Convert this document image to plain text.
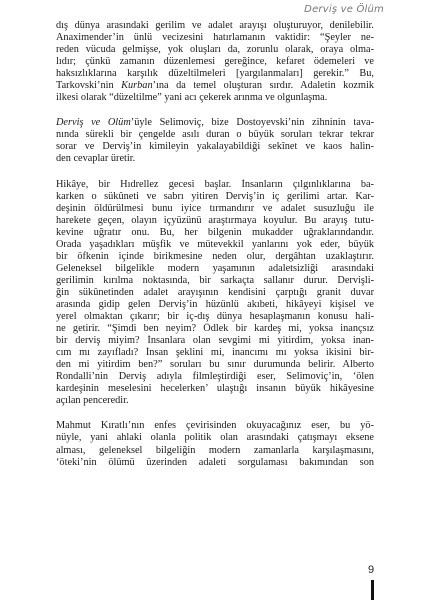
Derviş ve Ölüm

dış dünya arasındaki gerilim ve adalet arayışı oluşturuyor, denilebilir.
Anaximender’in ünlü vecizesini hatırlamanın vaktidir: “Şeyler ne-
reden vücuda gelmişse, yok oluşları da, zorunlu olarak, oraya olma-
lıdır; çünkü zamanın düzenlemesi gereğince, kefaret ödemeleri ve
haksızlıklarına karşılık düzeltilmeleri [yargılanmaları] gerekir.” Bu,
Tarkovski’nin Kurban’ına da temel oluşturan sırdır. Adaletin kozmik
ilkesi olarak “düzeltilme” yani acı çekerek arınma ve olgunlaşma.

Derviş ve Ölüm’üyle Selimoviç, bize Dostoyevski’nin zihninin tava-
nında sürekli bir çengelde asılı duran o büyük soruları tekrar tekrar
sorar ve Derviş’in kimileyin yakalayabildiği sekînet ve kaos halin-
den cevaplar üretir.

Hikâye, bir Hıdrellez gecesi başlar. İnsanların çılgınlıklarına ba-
karken o sükûneti ve sabrı yitiren Derviş’in iç gerilimi artar. Kar-
deşinin öldürülmesi bunu iyice tırmandırır ve adalet susuzluğu ile
harekete geçen, olayın içyüzünü araştırmaya koyulur. Bu arayış tutu-
kevine uğratır onu. Bu, her bilgenin mukadder uğraklarındandır.
Orada yaşadıkları müşfik ve mütevekkil yanlarını yok eder, büyük
bir öfkenin içinde birikmesine neden olur, dergâhtan uzaklaştırır.
Geleneksel bilgelikle modern yaşamının adaletsizliği arasındaki
gerilimin kırılma noktasında, bir sarkaçta sallanır durur. Dervişli-
ğin sükûnetinden adalet arayışının kendisini çarptığı granit duvar
arasında gidip gelen Derviş’in hüzünlü akıbeti, hikâyeyi kişisel ve
yerel olmaktan çıkarır; bir iç-dış dünya hesaplaşmanın konusu hali-
ne getirir. “Şimdi ben neyim? Ödlek bir kardeş mi, yoksa inançsız
bir derviş miyim? İnsanlara olan sevgimi mi yitirdim, yoksa inan-
cım mı zayıfladı? İnsan şeklini mi, inancımı mı yoksa ikisini bir-
den mi yitirdim ben?” soruları bu sınır durumunda belirir. Alberto
Rondalli’nin Derviş adıyla filmleştirdiği eser, Selimoviç’in, ‘ölen
kardeşinin meselesini hecelerken’ ulaştığı insanın büyük hikâyesine
açılan penceredir.

Mahmut Kıratlı’nın enfes çevirisinden okuyacağınız eser, bu yö-
nüyle, yani ahlaki olanla politik olan arasındaki çatışmayı eksene
alması, geleneksel bilgeliğin modern zamanlarla karşılaşmasını,
‘öteki’nin ölümü üzerinden adaleti sorgulaması bakımından son

9
